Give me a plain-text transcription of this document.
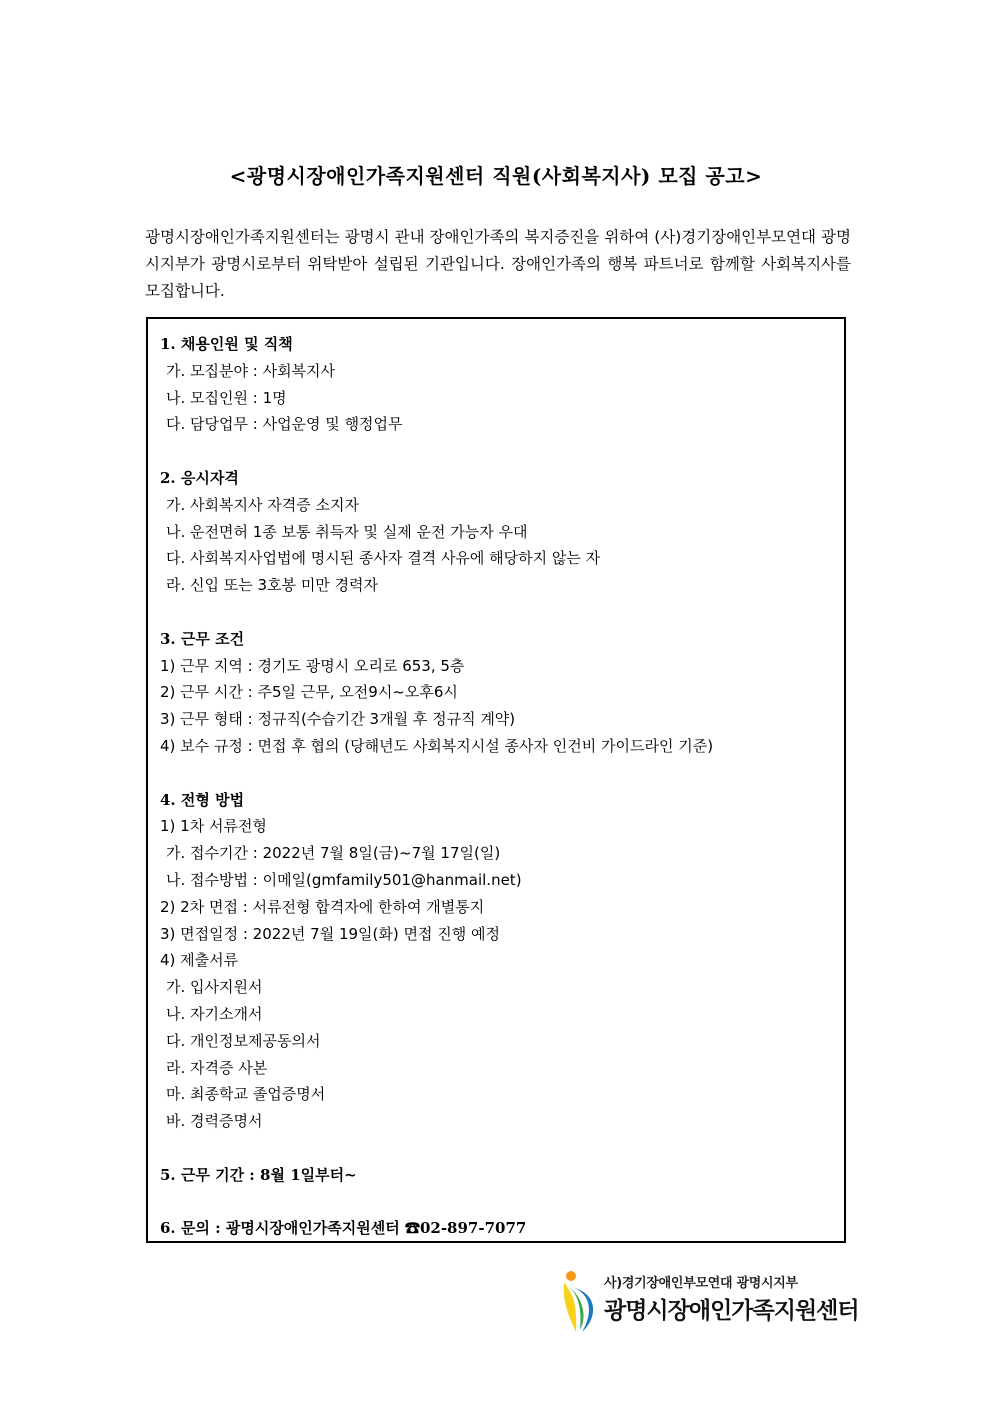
<광명시장애인가족지원센터 직원(사회복지사) 모집 공고>
광명시장애인가족지원센터는 광명시 관내 장애인가족의 복지증진을 위하여 (사)경기장애인부모연대 광명시지부가 광명시로부터 위탁받아 설립된 기관입니다. 장애인가족의 행복 파트너로 함께할 사회복지사를 모집합니다.
1. 채용인원 및 직책
가. 모집분야 : 사회복지사
나. 모집인원 : 1명
다. 담당업무 : 사업운영 및 행정업무
2. 응시자격
가. 사회복지사 자격증 소지자
나. 운전면허 1종 보통 취득자 및 실제 운전 가능자 우대
다. 사회복지사업법에 명시된 종사자 결격 사유에 해당하지 않는 자
라. 신입 또는 3호봉 미만 경력자
3. 근무 조건
1) 근무 지역 : 경기도 광명시 오리로 653, 5층
2) 근무 시간 : 주5일 근무, 오전9시~오후6시
3) 근무 형태 : 정규직(수습기간 3개월 후 정규직 계약)
4) 보수 규정 : 면접 후 협의 (당해년도 사회복지시설 종사자 인건비 가이드라인 기준)
4. 전형 방법
1) 1차 서류전형
가. 접수기간 : 2022년 7월 8일(금)~7월 17일(일)
나. 접수방법 : 이메일(gmfamily501@hanmail.net)
2) 2차 면접 : 서류전형 합격자에 한하여 개별통지
3) 면접일정 : 2022년 7월 19일(화) 면접 진행 예정
4) 제출서류
가. 입사지원서
나. 자기소개서
다. 개인정보제공동의서
라. 자격증 사본
마. 최종학교 졸업증명서
바. 경력증명서
5. 근무 기간 : 8월 1일부터~
6. 문의 : 광명시장애인가족지원센터 ☎02-897-7077
사)경기장애인부모연대 광명시지부
광명시장애인가족지원센터
